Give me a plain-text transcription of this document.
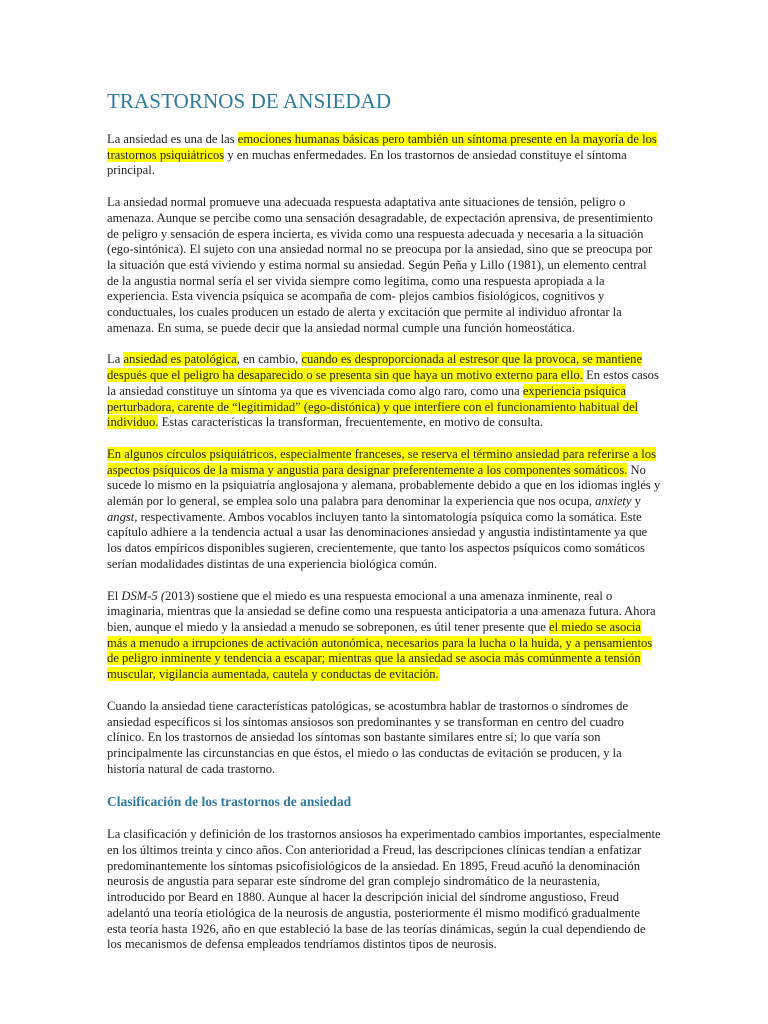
TRASTORNOS DE ANSIEDAD

La ansiedad es una de las emociones humanas básicas pero también un síntoma presente en la mayoría de los trastornos psiquiátricos y en muchas enfermedades. En los trastornos de ansiedad constituye el síntoma principal.

La ansiedad normal promueve una adecuada respuesta adaptativa ante situaciones de tensión, peligro o amenaza. Aunque se percibe como una sensación desagradable, de expectación aprensiva, de presentimiento de peligro y sensación de espera incierta, es vivida como una respuesta adecuada y necesaria a la situación (ego-sintónica). El sujeto con una ansiedad normal no se preocupa por la ansiedad, sino que se preocupa por la situación que está viviendo y estima normal su ansiedad. Según Peña y Lillo (1981), un elemento central de la angustia normal sería el ser vivida siempre como legítima, como una respuesta apropiada a la experiencia. Esta vivencia psíquica se acompaña de com- plejos cambios fisiológicos, cognitivos y conductuales, los cuales producen un estado de alerta y excitación que permite al individuo afrontar la amenaza. En suma, se puede decir que la ansiedad normal cumple una función homeostática.

La ansiedad es patológica, en cambio, cuando es desproporcionada al estresor que la provoca, se mantiene después que el peligro ha desaparecido o se presenta sin que haya un motivo externo para ello. En estos casos la ansiedad constituye un síntoma ya que es vivenciada como algo raro, como una experiencia psíquica perturbadora, carente de “legitimidad” (ego-distónica) y que interfiere con el funcionamiento habitual del individuo. Estas características la transforman, frecuentemente, en motivo de consulta.

En algunos círculos psiquiátricos, especialmente franceses, se reserva el término ansiedad para referirse a los aspectos psíquicos de la misma y angustia para designar preferentemente a los componentes somáticos. No sucede lo mismo en la psiquiatría anglosajona y alemana, probablemente debido a que en los idiomas inglés y alemán por lo general, se emplea solo una palabra para denominar la experiencia que nos ocupa, anxiety y angst, respectivamente. Ambos vocablos incluyen tanto la sintomatología psíquica como la somática. Este capítulo adhiere a la tendencia actual a usar las denominaciones ansiedad y angustia indistintamente ya que los datos empíricos disponibles sugieren, crecientemente, que tanto los aspectos psíquicos como somáticos serían modalidades distintas de una experiencia biológica común.

El DSM-5 (2013) sostiene que el miedo es una respuesta emocional a una amenaza inminente, real o imaginaria, mientras que la ansiedad se define como una respuesta anticipatoria a una amenaza futura. Ahora bien, aunque el miedo y la ansiedad a menudo se sobreponen, es útil tener presente que el miedo se asocia más a menudo a irrupciones de activación autonómica, necesarios para la lucha o la huida, y a pensamientos de peligro inminente y tendencia a escapar; mientras que la ansiedad se asocia más comúnmente a tensión muscular, vigilancia aumentada, cautela y conductas de evitación.

Cuando la ansiedad tiene características patológicas, se acostumbra hablar de trastornos o síndromes de ansiedad específicos si los síntomas ansiosos son predominantes y se transforman en centro del cuadro clínico. En los trastornos de ansiedad los síntomas son bastante similares entre sí; lo que varía son principalmente las circunstancias en que éstos, el miedo o las conductas de evitación se producen, y la historia natural de cada trastorno.

Clasificación de los trastornos de ansiedad

La clasificación y definición de los trastornos ansiosos ha experimentado cambios importantes, especialmente en los últimos treinta y cinco años. Con anterioridad a Freud, las descripciones clínicas tendían a enfatizar predominantemente los síntomas psicofisiológicos de la ansiedad. En 1895, Freud acuñó la denominación neurosis de angustia para separar este síndrome del gran complejo sindromático de la neurastenia, introducido por Beard en 1880. Aunque al hacer la descripción inicial del síndrome angustioso, Freud adelantó una teoría etiológica de la neurosis de angustia, posteriormente él mismo modificó gradualmente esta teoría hasta 1926, año en que estableció la base de las teorías dinámicas, según la cual dependiendo de los mecanismos de defensa empleados tendríamos distintos tipos de neurosis.
